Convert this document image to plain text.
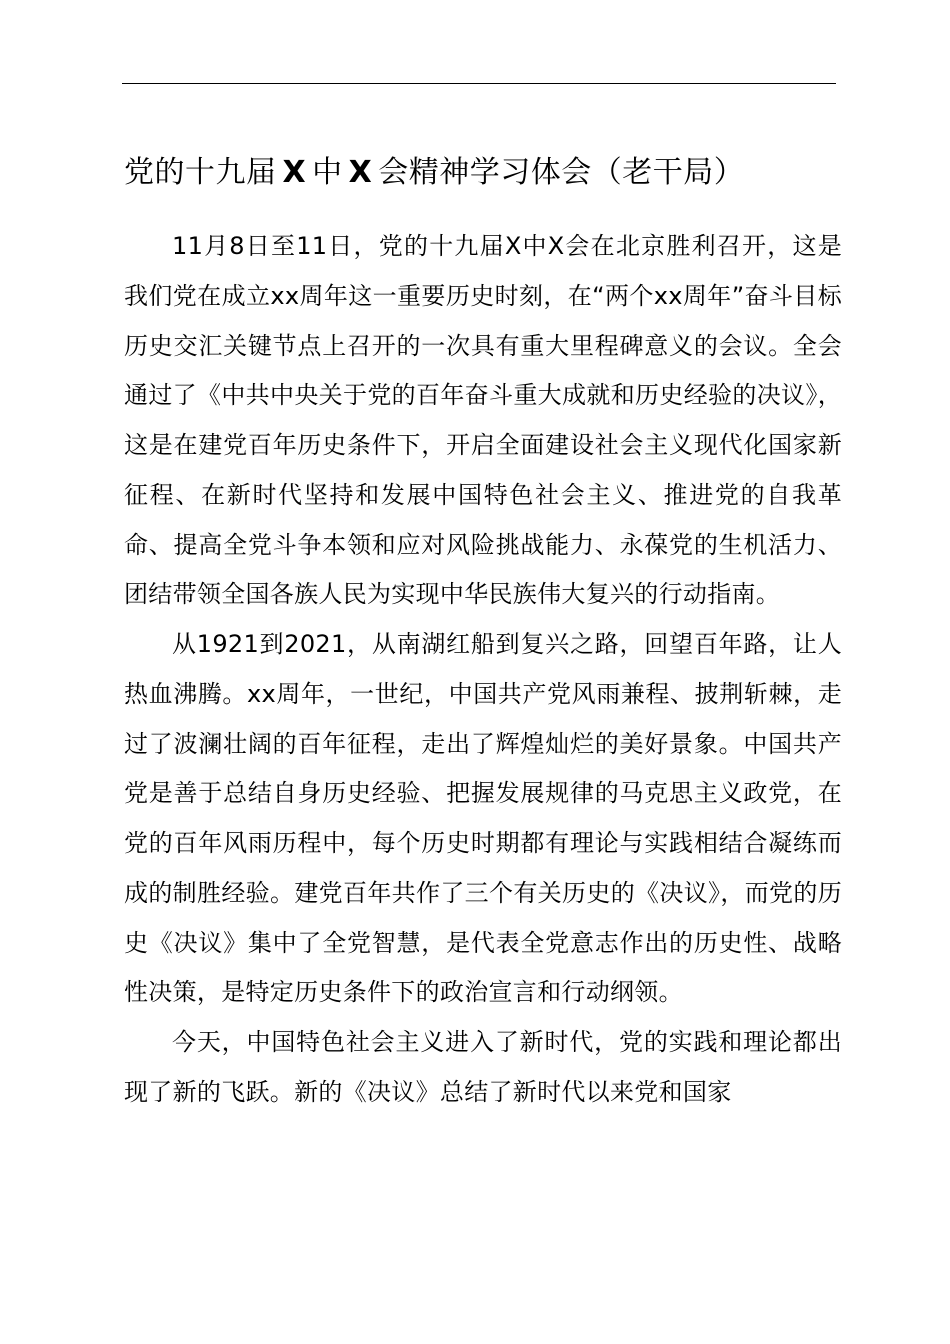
党的十九届 X 中 X 会精神学习体会（老干局）

11月8日至11日，党的十九届X中X会在北京胜利召开，这是我们党在成立xx周年这一重要历史时刻，在“两个xx周年”奋斗目标历史交汇关键节点上召开的一次具有重大里程碑意义的会议。全会通过了《中共中央关于党的百年奋斗重大成就和历史经验的决议》，这是在建党百年历史条件下，开启全面建设社会主义现代化国家新征程、在新时代坚持和发展中国特色社会主义、推进党的自我革命、提高全党斗争本领和应对风险挑战能力、永葆党的生机活力、团结带领全国各族人民为实现中华民族伟大复兴的行动指南。

从1921到2021，从南湖红船到复兴之路，回望百年路，让人热血沸腾。xx周年，一世纪，中国共产党风雨兼程、披荆斩棘，走过了波澜壮阔的百年征程，走出了辉煌灿烂的美好景象。中国共产党是善于总结自身历史经验、把握发展规律的马克思主义政党，在党的百年风雨历程中，每个历史时期都有理论与实践相结合凝练而成的制胜经验。建党百年共作了三个有关历史的《决议》，而党的历史《决议》集中了全党智慧，是代表全党意志作出的历史性、战略性决策，是特定历史条件下的政治宣言和行动纲领。

今天，中国特色社会主义进入了新时代，党的实践和理论都出现了新的飞跃。新的《决议》总结了新时代以来党和国家
